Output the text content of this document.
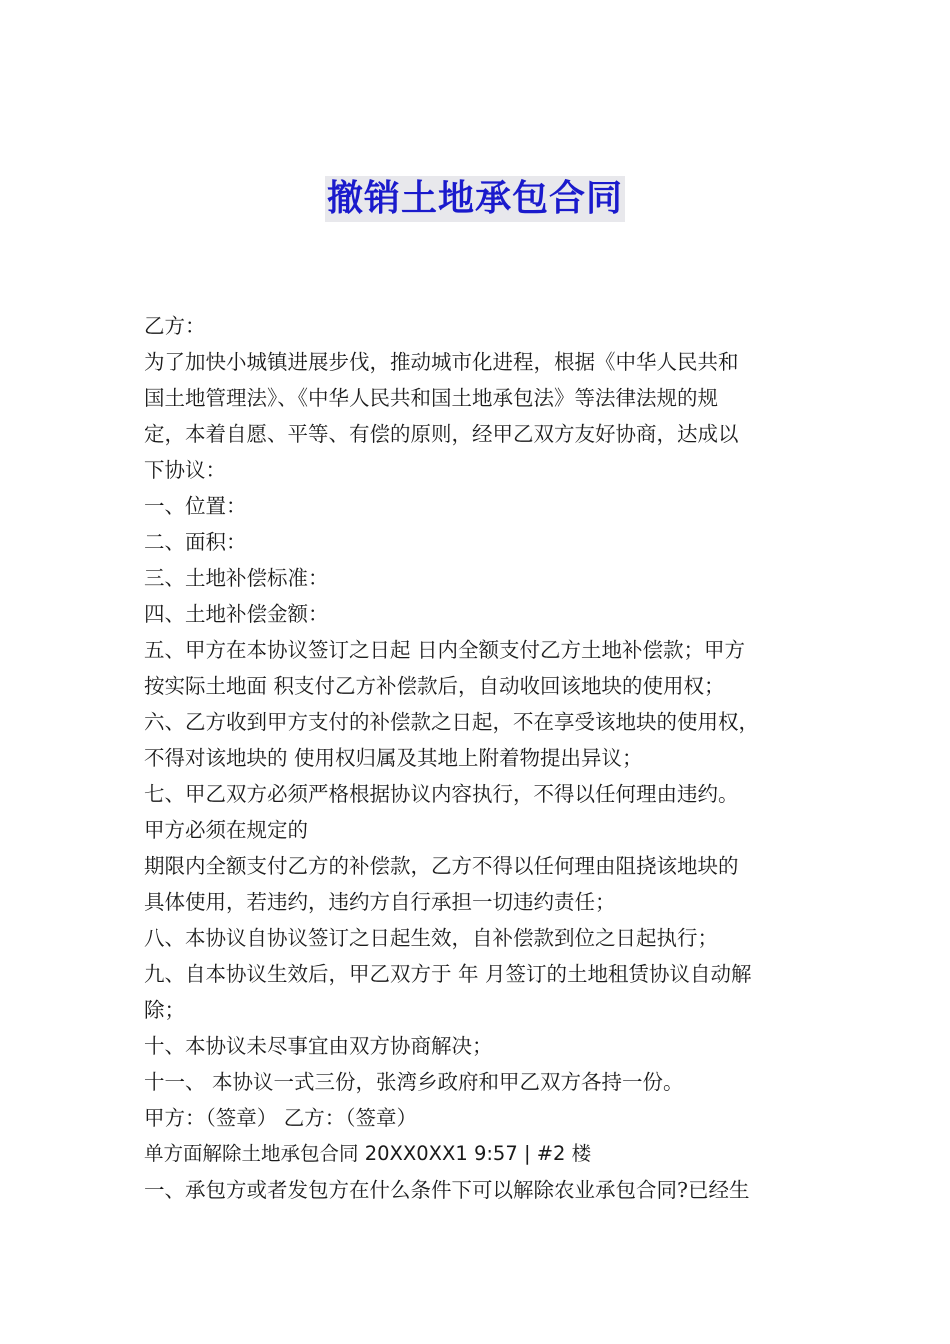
撤销土地承包合同
乙方：
为了加快小城镇进展步伐，推动城市化进程，根据《中华人民共和
国土地管理法》、《中华人民共和国土地承包法》等法律法规的规
定，本着自愿、平等、有偿的原则，经甲乙双方友好协商，达成以
下协议：
一、位置：
二、面积：
三、土地补偿标准：
四、土地补偿金额：
五、甲方在本协议签订之日起 日内全额支付乙方土地补偿款；甲方
按实际土地面 积支付乙方补偿款后，自动收回该地块的使用权；
六、乙方收到甲方支付的补偿款之日起，不在享受该地块的使用权，
不得对该地块的 使用权归属及其地上附着物提出异议；
七、甲乙双方必须严格根据协议内容执行，不得以任何理由违约。
甲方必须在规定的
期限内全额支付乙方的补偿款，乙方不得以任何理由阻挠该地块的
具体使用，若违约，违约方自行承担一切违约责任；
八、本协议自协议签订之日起生效，自补偿款到位之日起执行；
九、自本协议生效后，甲乙双方于 年 月签订的土地租赁协议自动解
除；
十、本协议未尽事宜由双方协商解决；
十一、 本协议一式三份，张湾乡政府和甲乙双方各持一份。
甲方：（签章） 乙方：（签章）
单方面解除土地承包合同 20XX0XX1 9:57 | #2 楼
一、承包方或者发包方在什么条件下可以解除农业承包合同?已经生
